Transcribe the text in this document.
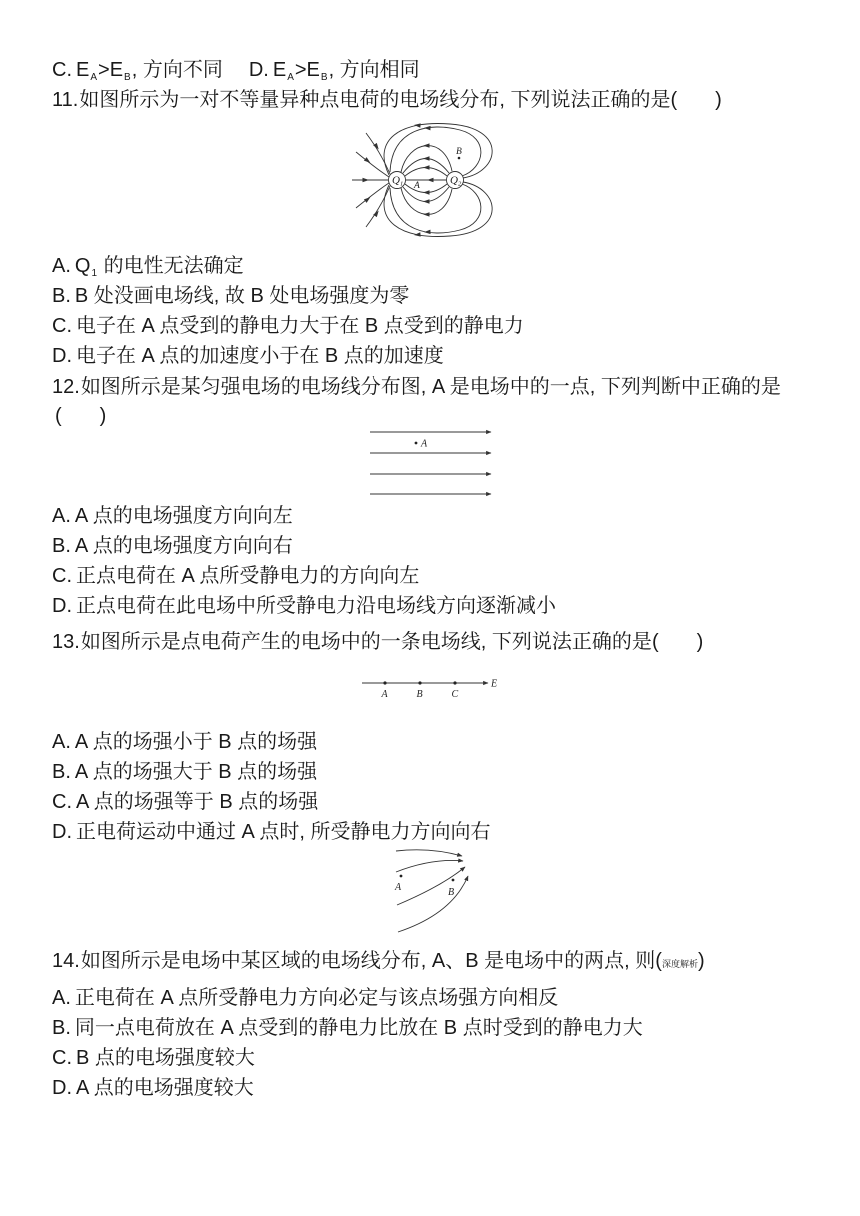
C. $E_A>E_B$, 方向不同 D. $E_A>E_B$, 方向相同
11.如图所示为一对不等量异种点电荷的电场线分布, 下列说法正确的是( )
Q1	Q2
A
B
A. $Q_1$ 的电性无法确定
B. B 处没画电场线, 故 B 处电场强度为零
C. 电子在 A 点受到的静电力大于在 B 点受到的静电力
D. 电子在 A 点的加速度小于在 B 点的加速度
12.如图所示是某匀强电场的电场线分布图, A 是电场中的一点, 下列判断中正确的是
( )
A
A. A 点的电场强度方向向左
B. A 点的电场强度方向向右
C. 正点电荷在 A 点所受静电力的方向向左
D. 正点电荷在此电场中所受静电力沿电场线方向逐渐减小
13.如图所示是点电荷产生的电场中的一条电场线, 下列说法正确的是( )
E
A	B	C
A. A 点的场强小于 B 点的场强
B. A 点的场强大于 B 点的场强
C. A 点的场强等于 B 点的场强
D. 正电荷运动中通过 A 点时, 所受静电力方向向右
A	B
14.如图所示是电场中某区域的电场线分布, A、B 是电场中的两点, 则(深度解析)
A. 正电荷在 A 点所受静电力方向必定与该点场强方向相反
B. 同一点电荷放在 A 点受到的静电力比放在 B 点时受到的静电力大
C. B 点的电场强度较大
D. A 点的电场强度较大
